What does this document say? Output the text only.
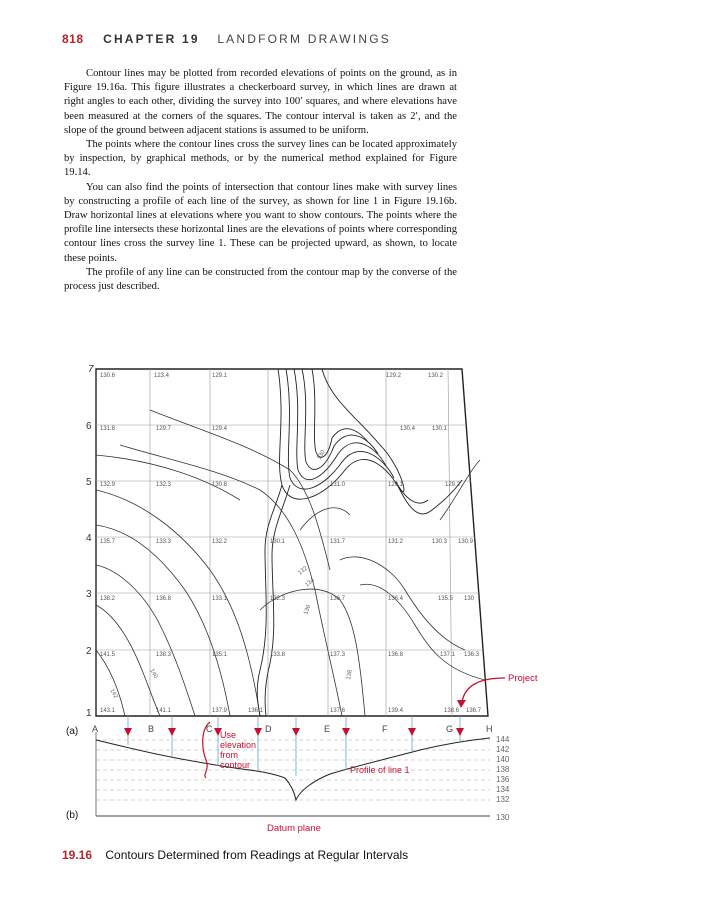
818 CHAPTER 19 LANDFORM DRAWINGS

Contour lines may be plotted from recorded elevations of points on the ground, as in Figure 19.16a. This figure illustrates a checkerboard survey, in which lines are drawn at right angles to each other, dividing the survey into 100′ squares, and where elevations have been measured at the corners of the squares. The contour interval is taken as 2′, and the slope of the ground between adjacent stations is assumed to be uniform.

The points where the contour lines cross the survey lines can be located approximately by inspection, by graphical methods, or by the numerical method explained for Figure 19.14.

You can also find the points of intersection that contour lines make with survey lines by constructing a profile of each line of the survey, as shown for line 1 in Figure 19.16b. Draw horizontal lines at elevations where you want to show contours. The points where the profile line intersects these horizontal lines are the elevations of points where corresponding contour lines cross the survey line 1. These can be projected upward, as shown, to locate these points.

The profile of any line can be constructed from the contour map by the converse of the process just described.

1
2
3
4
5
6
7
130.6	123.4	129.1	129.2	130.2
131.8	129.7	129.4	130.4	130.1
132.9	132.3	130.8	131.0	129.1	129.2
135.7	133.3	132.2	130.1	131.7	131.2	130.3 130.9
138.2	136.8	133.1	132.3	136.7	136.4	135.5 130
141.5	138.3	135.1	133.8	137.3	136.8	137.1 136.3
143.1	141.1	137.9	136.1	137.6	139.4	138.6 136.7
130
132
134
136
138
140
142
(a)
(b)
A	B	C	D	E	F	G	H
Use
elevation
from
contour
Project
Profile of line 1
Datum plane
144
142
140
138
136
134
132
130
19.16 Contours Determined from Readings at Regular Intervals
